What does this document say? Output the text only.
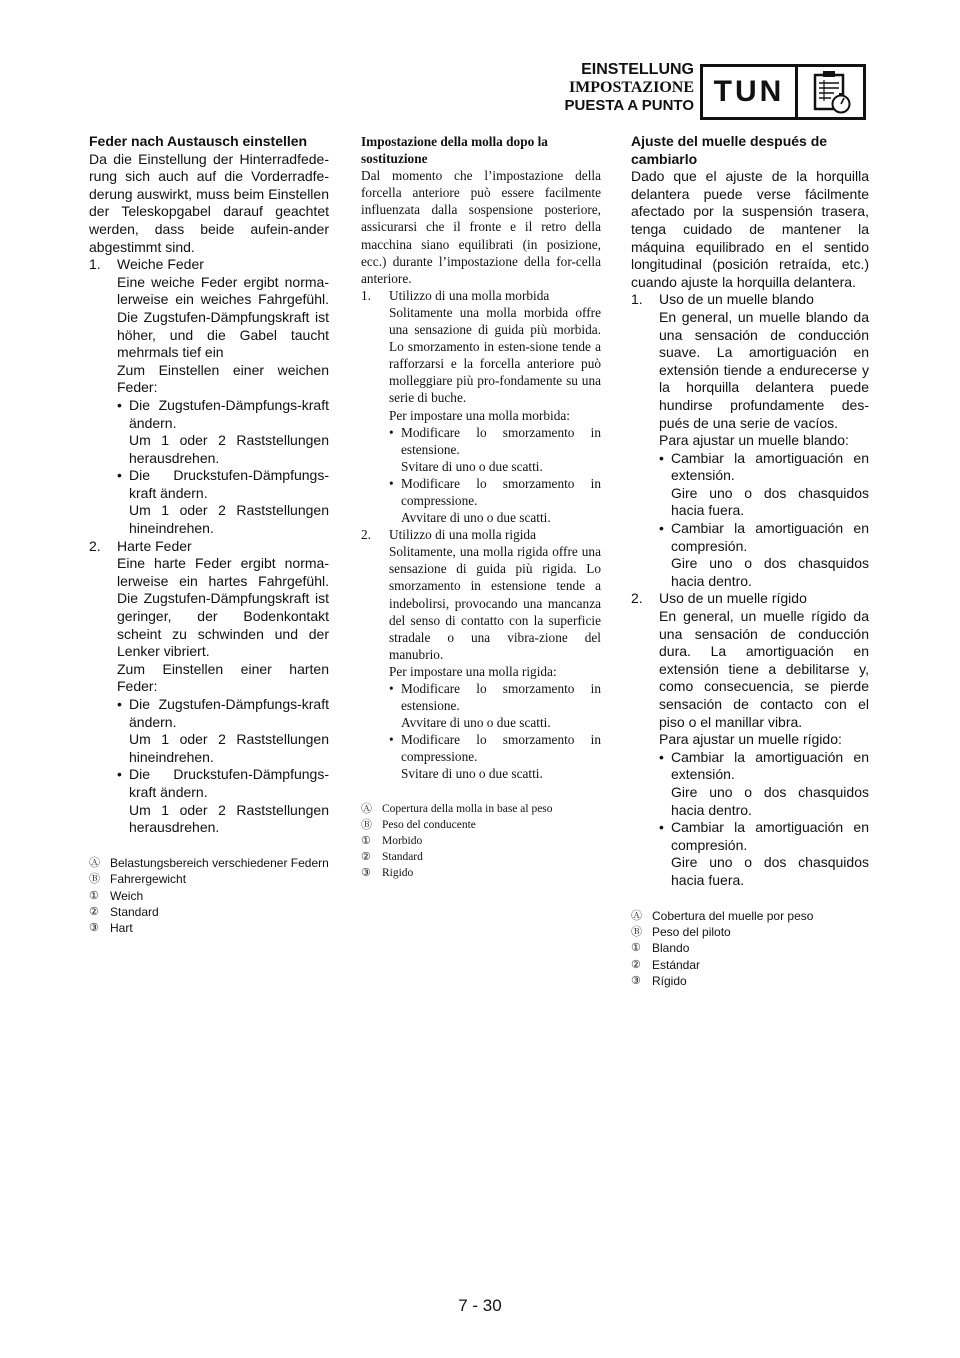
EINSTELLUNG
IMPOSTAZIONE
PUESTA A PUNTO TUN

Feder nach Austausch einstellen

Da die Einstellung der Hinterradfede-rung sich auch auf die Vorderradfe-derung auswirkt, muss beim Einstellen der Teleskopgabel darauf geachtet werden, dass beide aufein-ander abgestimmt sind.

1.	Weiche Feder

Eine weiche Feder ergibt norma-lerweise ein weiches Fahrgefühl. Die Zugstufen-Dämpfungskraft ist höher, und die Gabel taucht mehrmals tief ein

Zum Einstellen einer weichen Feder:

• Die Zugstufen-Dämpfungs-kraft ändern.

Um 1 oder 2 Raststellungen herausdrehen.

• Die Druckstufen-Dämpfungs-kraft ändern.

Um 1 oder 2 Raststellungen hineindrehen.

2.	Harte Feder

Eine harte Feder ergibt norma-lerweise ein hartes Fahrgefühl. Die Zugstufen-Dämpfungskraft ist geringer, der Bodenkontakt scheint zu schwinden und der Lenker vibriert.

Zum Einstellen einer harten Feder:

• Die Zugstufen-Dämpfungs-kraft ändern.

Um 1 oder 2 Raststellungen hineindrehen.

• Die Druckstufen-Dämpfungs-kraft ändern.

Um 1 oder 2 Raststellungen herausdrehen.

Ⓐ Belastungsbereich verschiedener Federn
Ⓑ Fahrergewicht
① Weich
② Standard
③ Hart

Impostazione della molla dopo la sostituzione

Dal momento che l’impostazione della forcella anteriore può essere facilmente influenzata dalla sospensione posteriore, assicurarsi che il fronte e il retro della macchina siano equilibrati (in posizione, ecc.) durante l’impostazione della for-cella anteriore.

1.	Utilizzo di una molla morbida

Solitamente una molla morbida offre una sensazione di guida più morbida. Lo smorzamento in esten-sione tende a rafforzarsi e la forcella anteriore può molleggiare più pro-fondamente su una serie di buche.

Per impostare una molla morbida:

• Modificare lo smorzamento in estensione.

Svitare di uno o due scatti.

• Modificare lo smorzamento in compressione.

Avvitare di uno o due scatti.

2.	Utilizzo di una molla rigida

Solitamente, una molla rigida offre una sensazione di guida più rigida. Lo smorzamento in estensione tende a indebolirsi, provocando una mancanza del senso di contatto con la superficie stradale o una vibra-zione del manubrio.

Per impostare una molla rigida:

• Modificare lo smorzamento in estensione.

Avvitare di uno o due scatti.

• Modificare lo smorzamento in compressione.

Svitare di uno o due scatti.

Ⓐ Copertura della molla in base al peso
Ⓑ Peso del conducente
① Morbido
② Standard
③ Rigido

Ajuste del muelle después de cambiarlo

Dado que el ajuste de la horquilla delantera puede verse fácilmente afectado por la suspensión trasera, tenga cuidado de mantener la máquina equilibrado en el sentido longitudinal (posición retraída, etc.) cuando ajuste la horquilla delantera.

1.	Uso de un muelle blando

En general, un muelle blando da una sensación de conducción suave. La amortiguación en extensión tiende a endurecerse y la horquilla delantera puede hundirse profundamente des-pués de una serie de vacíos.

Para ajustar un muelle blando:

• Cambiar la amortiguación en extensión.

Gire uno o dos chasquidos hacia fuera.

• Cambiar la amortiguación en compresión.

Gire uno o dos chasquidos hacia dentro.

2.	Uso de un muelle rígido

En general, un muelle rígido da una sensación de conducción dura. La amortiguación en extensión tiene a debilitarse y, como consecuencia, se pierde sensación de contacto con el piso o el manillar vibra.

Para ajustar un muelle rígido:

• Cambiar la amortiguación en extensión.

Gire uno o dos chasquidos hacia dentro.

• Cambiar la amortiguación en compresión.

Gire uno o dos chasquidos hacia fuera.

Ⓐ Cobertura del muelle por peso
Ⓑ Peso del piloto
① Blando
② Estándar
③ Rígido
7 - 30
